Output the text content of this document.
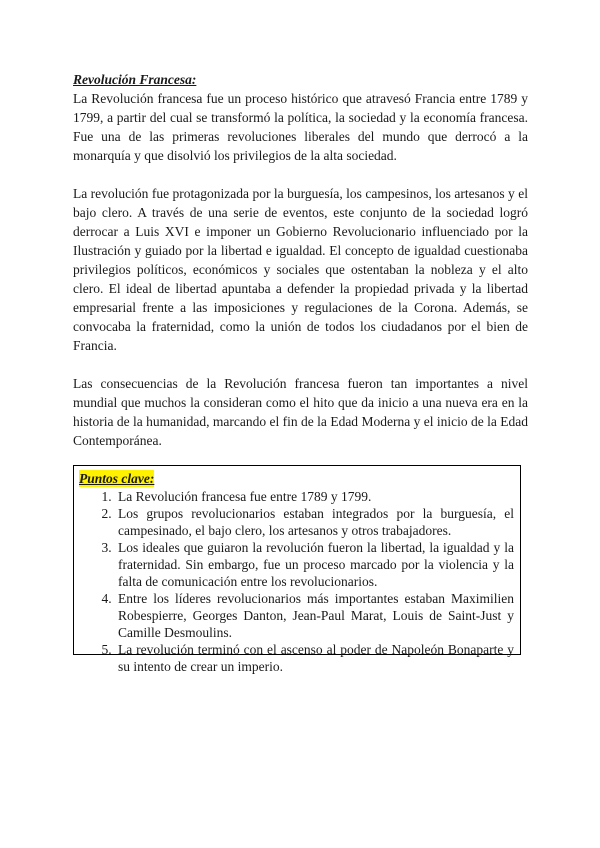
Revolución Francesa:

La Revolución francesa fue un proceso histórico que atravesó Francia entre 1789 y 1799, a partir del cual se transformó la política, la sociedad y la economía francesa. Fue una de las primeras revoluciones liberales del mundo que derrocó a la monarquía y que disolvió los privilegios de la alta sociedad.

La revolución fue protagonizada por la burguesía, los campesinos, los artesanos y el bajo clero. A través de una serie de eventos, este conjunto de la sociedad logró derrocar a Luis XVI e imponer un Gobierno Revolucionario influenciado por la Ilustración y guiado por la libertad e igualdad. El concepto de igualdad cuestionaba privilegios políticos, económicos y sociales que ostentaban la nobleza y el alto clero. El ideal de libertad apuntaba a defender la propiedad privada y la libertad empresarial frente a las imposiciones y regulaciones de la Corona. Además, se convocaba la fraternidad, como la unión de todos los ciudadanos por el bien de Francia.

Las consecuencias de la Revolución francesa fueron tan importantes a nivel mundial que muchos la consideran como el hito que da inicio a una nueva era en la historia de la humanidad, marcando el fin de la Edad Moderna y el inicio de la Edad Contemporánea.

Puntos clave:

1. La Revolución francesa fue entre 1789 y 1799.
2. Los grupos revolucionarios estaban integrados por la burguesía, el campesinado, el bajo clero, los artesanos y otros trabajadores.
3. Los ideales que guiaron la revolución fueron la libertad, la igualdad y la fraternidad. Sin embargo, fue un proceso marcado por la violencia y la falta de comunicación entre los revolucionarios.
4. Entre los líderes revolucionarios más importantes estaban Maximilien Robespierre, Georges Danton, Jean-Paul Marat, Louis de Saint-Just y Camille Desmoulins.
5. La revolución terminó con el ascenso al poder de Napoleón Bonaparte y su intento de crear un imperio.
